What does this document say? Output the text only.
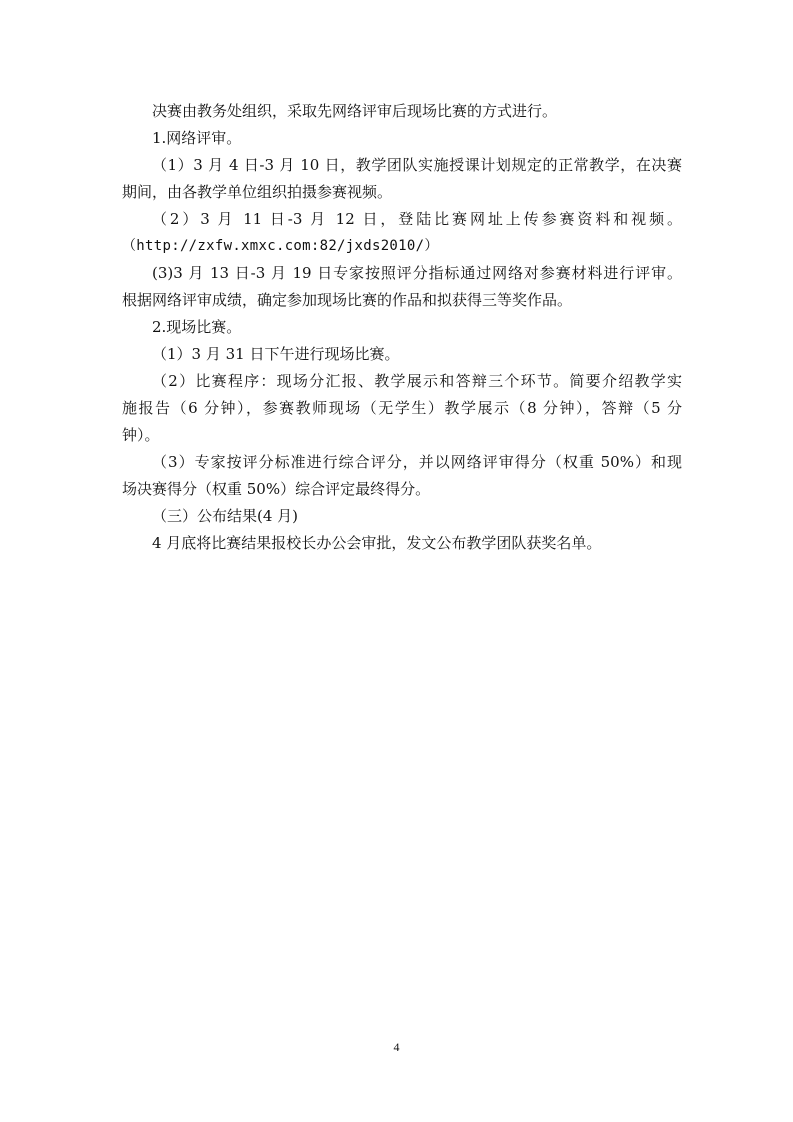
决赛由教务处组织，采取先网络评审后现场比赛的方式进行。
1.网络评审。
（1）3 月 4 日-3 月 10 日，教学团队实施授课计划规定的正常教学，在决赛
期间，由各教学单位组织拍摄参赛视频。
（2）3 月 11 日-3 月 12 日，登陆比赛网址上传参赛资料和视频。
（http://zxfw.xmxc.com:82/jxds2010/）
(3)3 月 13 日-3 月 19 日专家按照评分指标通过网络对参赛材料进行评审。
根据网络评审成绩，确定参加现场比赛的作品和拟获得三等奖作品。
2.现场比赛。
（1）3 月 31 日下午进行现场比赛。
（2）比赛程序：现场分汇报、教学展示和答辩三个环节。简要介绍教学实
施报告（6 分钟），参赛教师现场（无学生）教学展示（8 分钟），答辩（5 分
钟）。
（3）专家按评分标准进行综合评分，并以网络评审得分（权重 50%）和现
场决赛得分（权重 50%）综合评定最终得分。
（三）公布结果(4 月)
4 月底将比赛结果报校长办公会审批，发文公布教学团队获奖名单。
4
